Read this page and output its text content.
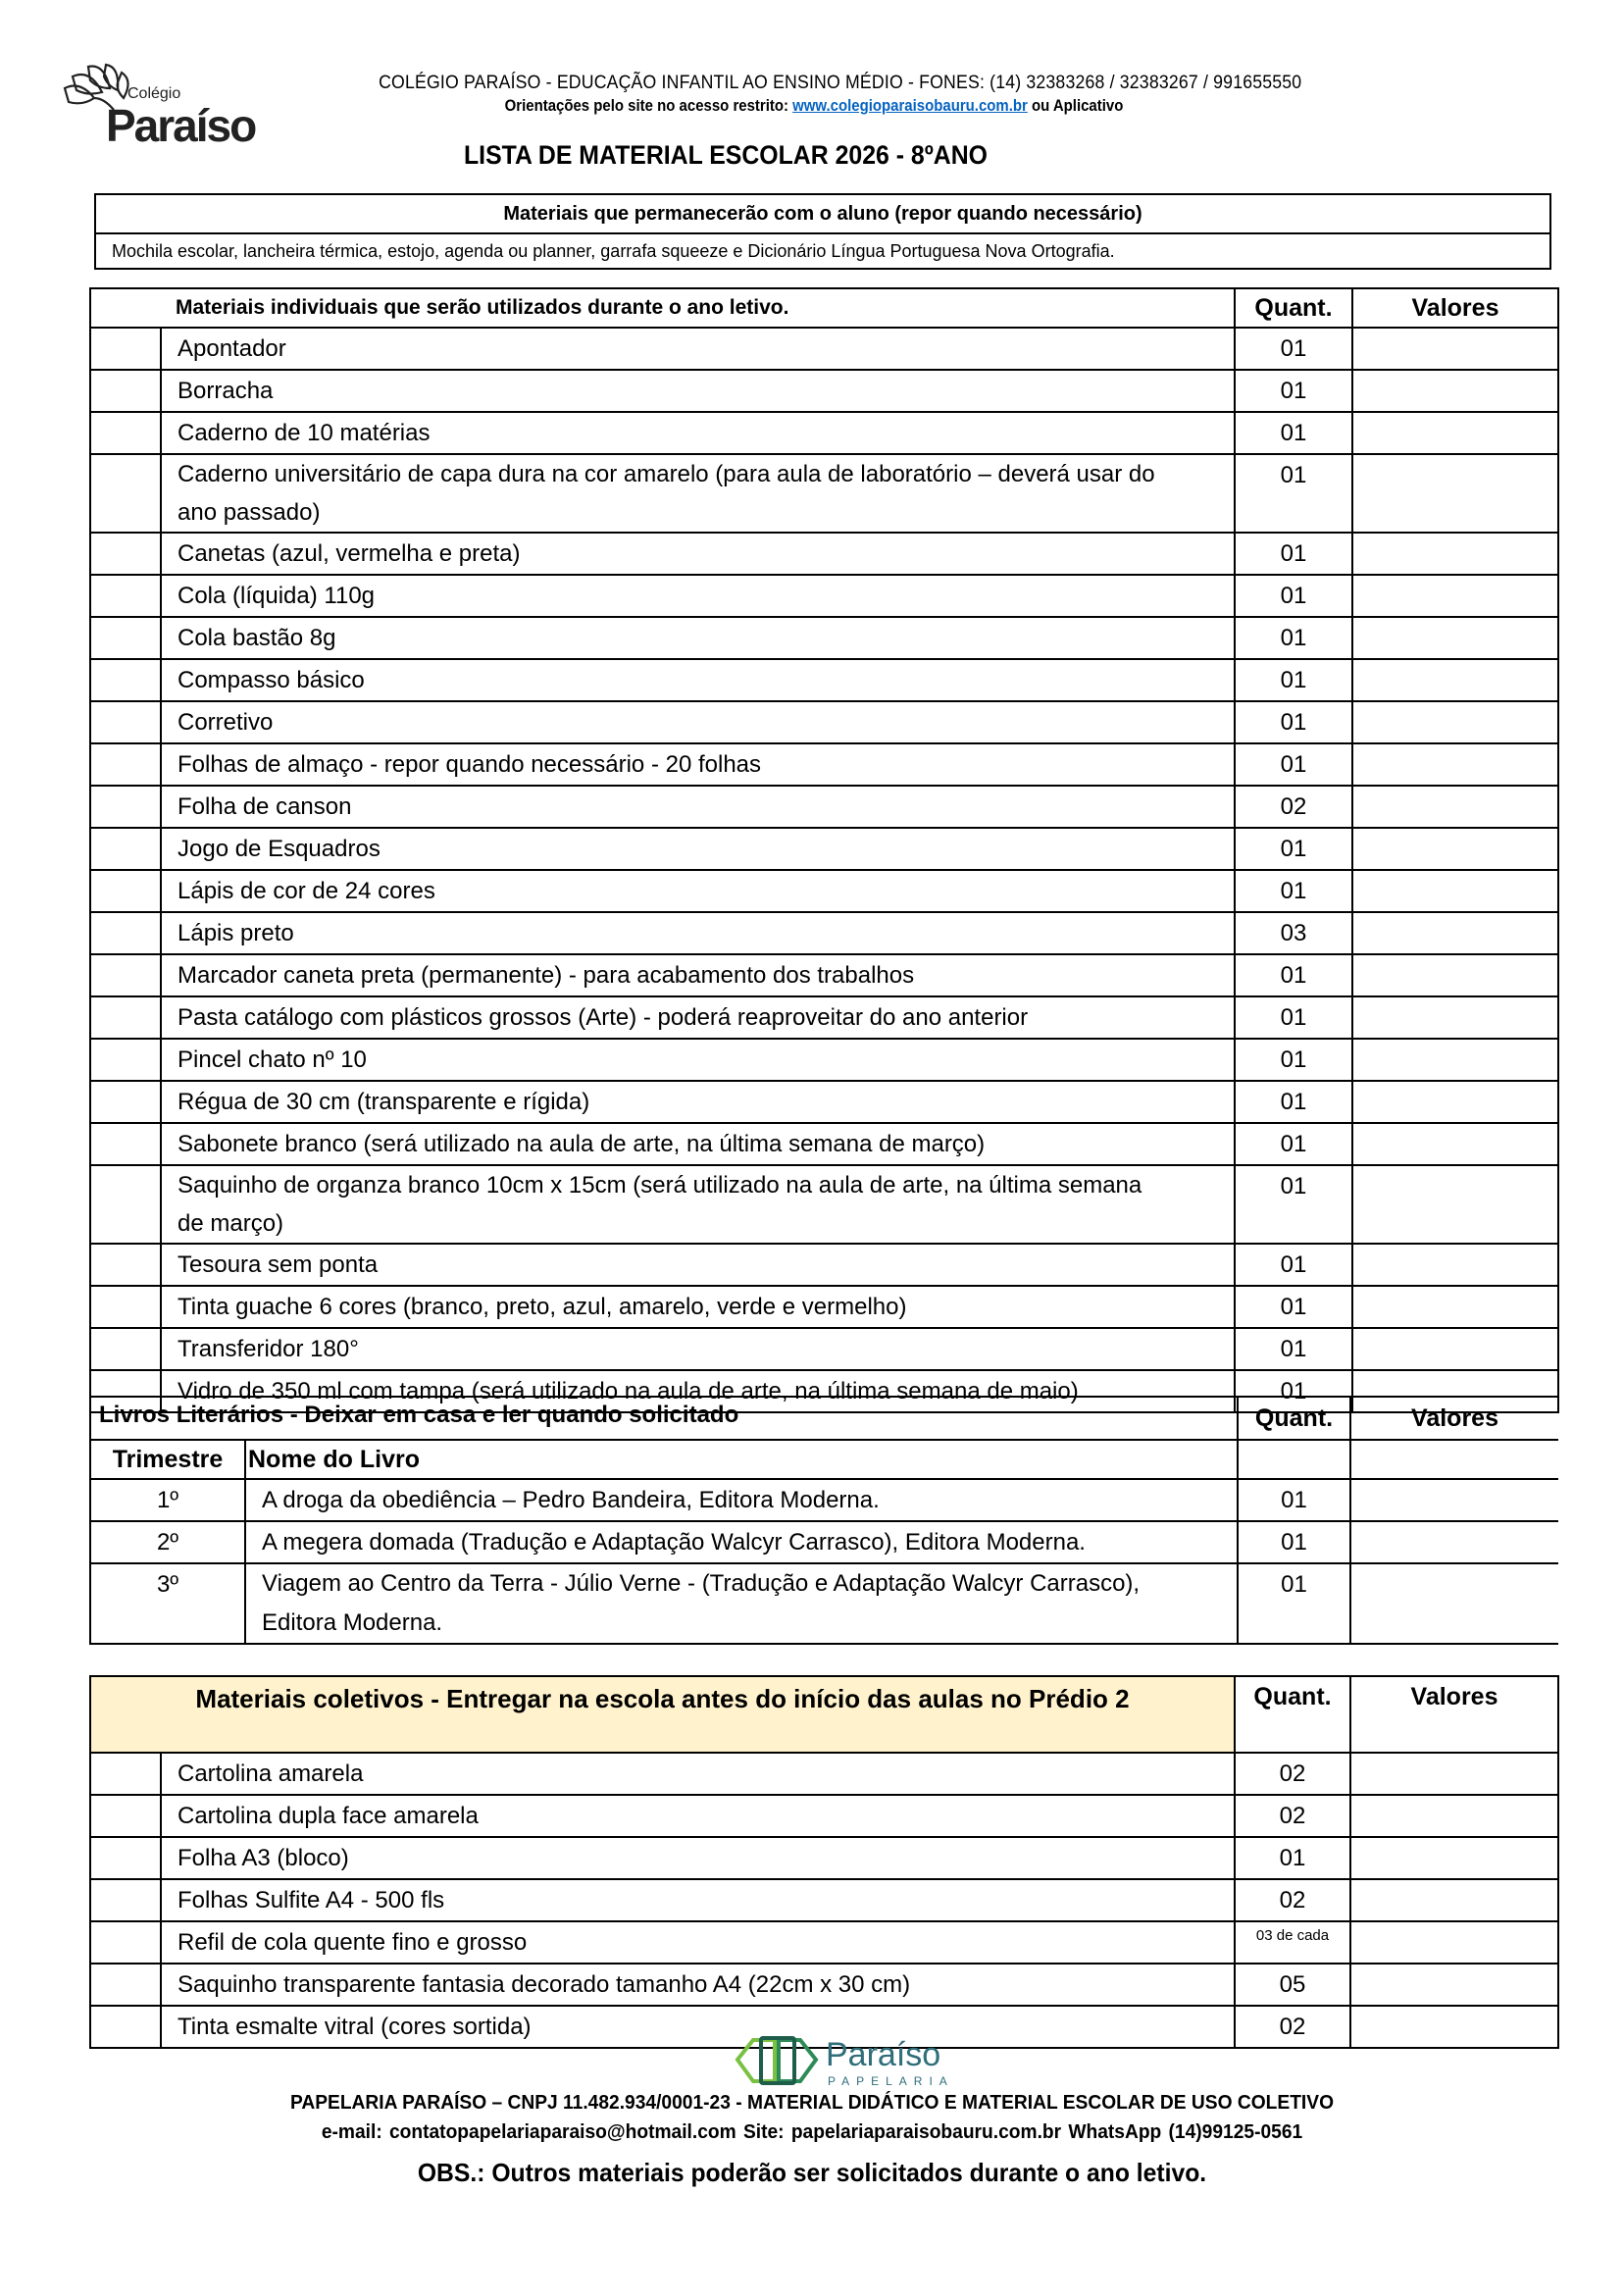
Colégio
Paraíso
COLÉGIO PARAÍSO - EDUCAÇÃO INFANTIL AO ENSINO MÉDIO - FONES: (14) 32383268 / 32383267 / 991655550
Orientações pelo site no acesso restrito: www.colegioparaisobauru.com.br ou Aplicativo
LISTA DE MATERIAL ESCOLAR 2026 - 8ºANO
Materiais que permanecerão com o aluno (repor quando necessário)
Mochila escolar, lancheira térmica, estojo, agenda ou planner, garrafa squeeze e Dicionário Língua Portuguesa Nova Ortografia.
Materiais individuais que serão utilizados durante o ano letivo.		Quant.	Valores
	Apontador	01	
	Borracha	01	
	Caderno de 10 matérias	01	
	Caderno universitário de capa dura na cor amarelo (para aula de laboratório – deverá usar do ano passado)	01	
	Canetas (azul, vermelha e preta)	01	
	Cola (líquida) 110g	01	
	Cola bastão 8g	01	
	Compasso básico	01	
	Corretivo	01	
	Folhas de almaço - repor quando necessário - 20 folhas	01	
	Folha de canson	02	
	Jogo de Esquadros	01	
	Lápis de cor de 24 cores	01	
	Lápis preto	03	
	Marcador caneta preta (permanente) - para acabamento dos trabalhos	01	
	Pasta catálogo com plásticos grossos (Arte) - poderá reaproveitar do ano anterior	01	
	Pincel chato nº 10	01	
	Régua de 30 cm (transparente e rígida)	01	
	Sabonete branco (será utilizado na aula de arte, na última semana de março)	01	
	Saquinho de organza branco 10cm x 15cm (será utilizado na aula de arte, na última semana de março)	01	
	Tesoura sem ponta	01	
	Tinta guache 6 cores (branco, preto, azul, amarelo, verde e vermelho)	01	
	Transferidor 180°	01	
	Vidro de 350 ml com tampa (será utilizado na aula de arte, na última semana de maio)	01	
Livros Literários - Deixar em casa e ler quando solicitado		Quant.	Valores
Trimestre	Nome do Livro		
1º	A droga da obediência – Pedro Bandeira, Editora Moderna.	01	
2º	A megera domada (Tradução e Adaptação Walcyr Carrasco), Editora Moderna.	01	
3º	Viagem ao Centro da Terra - Júlio Verne - (Tradução e Adaptação Walcyr Carrasco), Editora Moderna.	01	
Materiais coletivos - Entregar na escola antes do início das aulas no Prédio 2		Quant.	Valores
	Cartolina amarela	02	
	Cartolina dupla face amarela	02	
	Folha A3 (bloco)	01	
	Folhas Sulfite A4 - 500 fls	02	
	Refil de cola quente fino e grosso	03 de cada	
	Saquinho transparente fantasia decorado tamanho A4 (22cm x 30 cm)	05	
	Tinta esmalte vitral (cores sortida)	02	
Paraíso
PAPELARIA
PAPELARIA PARAÍSO – CNPJ 11.482.934/0001-23 - MATERIAL DIDÁTICO E MATERIAL ESCOLAR DE USO COLETIVO
e-mail: contatopapelariaparaiso@hotmail.com Site: papelariaparaisobauru.com.br WhatsApp (14)99125-0561
OBS.: Outros materiais poderão ser solicitados durante o ano letivo.
